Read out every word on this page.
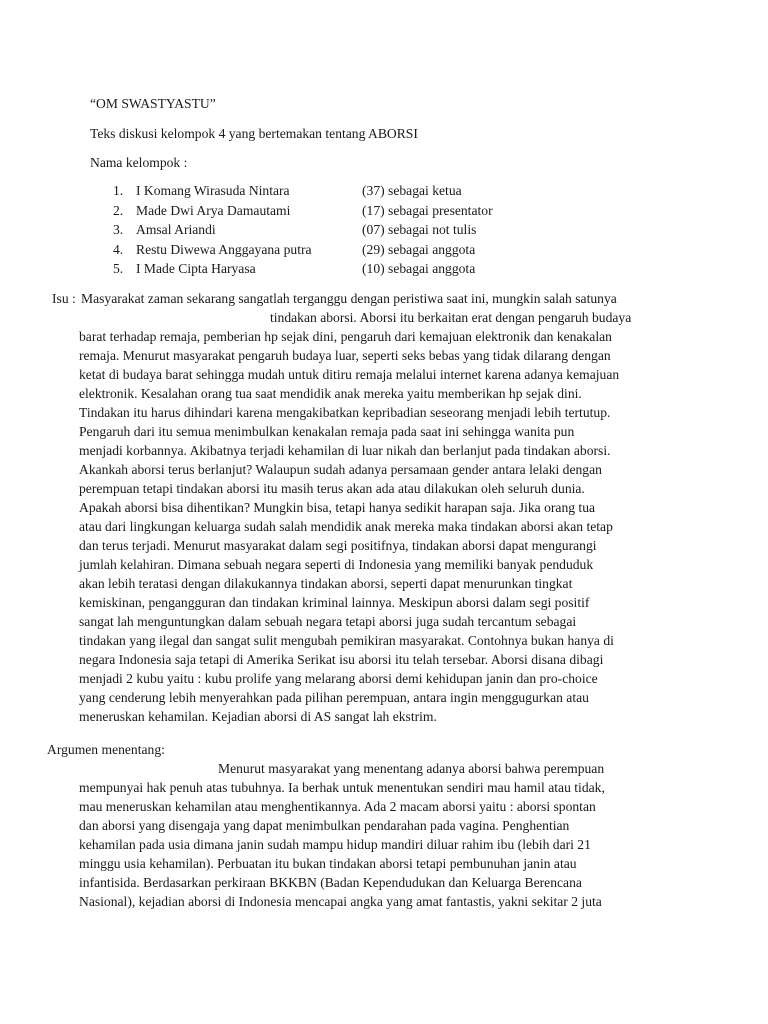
“OM SWASTYASTU”
Teks diskusi kelompok 4 yang bertemakan tentang ABORSI
Nama kelompok :
1. I Komang Wirasuda Nintara	(37) sebagai ketua
2. Made Dwi Arya Damautami	(17) sebagai presentator
3. Amsal Ariandi	(07) sebagai not tulis
4. Restu Diwewa Anggayana putra	(29) sebagai anggota
5. I Made Cipta Haryasa	(10) sebagai anggota
Isu : Masyarakat zaman sekarang sangatlah terganggu dengan peristiwa saat ini, mungkin salah satunya
tindakan aborsi. Aborsi itu berkaitan erat dengan pengaruh budaya
barat terhadap remaja, pemberian hp sejak dini, pengaruh dari kemajuan elektronik dan kenakalan
remaja. Menurut masyarakat pengaruh budaya luar, seperti seks bebas yang tidak dilarang dengan
ketat di budaya barat sehingga mudah untuk ditiru remaja melalui internet karena adanya kemajuan
elektronik. Kesalahan orang tua saat mendidik anak mereka yaitu memberikan hp sejak dini.
Tindakan itu harus dihindari karena mengakibatkan kepribadian seseorang menjadi lebih tertutup.
Pengaruh dari itu semua menimbulkan kenakalan remaja pada saat ini sehingga wanita pun
menjadi korbannya. Akibatnya terjadi kehamilan di luar nikah dan berlanjut pada tindakan aborsi.
Akankah aborsi terus berlanjut? Walaupun sudah adanya persamaan gender antara lelaki dengan
perempuan tetapi tindakan aborsi itu masih terus akan ada atau dilakukan oleh seluruh dunia.
Apakah aborsi bisa dihentikan? Mungkin bisa, tetapi hanya sedikit harapan saja. Jika orang tua
atau dari lingkungan keluarga sudah salah mendidik anak mereka maka tindakan aborsi akan tetap
dan terus terjadi. Menurut masyarakat dalam segi positifnya, tindakan aborsi dapat mengurangi
jumlah kelahiran. Dimana sebuah negara seperti di Indonesia yang memiliki banyak penduduk
akan lebih teratasi dengan dilakukannya tindakan aborsi, seperti dapat menurunkan tingkat
kemiskinan, pengangguran dan tindakan kriminal lainnya. Meskipun aborsi dalam segi positif
sangat lah menguntungkan dalam sebuah negara tetapi aborsi juga sudah tercantum sebagai
tindakan yang ilegal dan sangat sulit mengubah pemikiran masyarakat. Contohnya bukan hanya di
negara Indonesia saja tetapi di Amerika Serikat isu aborsi itu telah tersebar. Aborsi disana dibagi
menjadi 2 kubu yaitu : kubu prolife yang melarang aborsi demi kehidupan janin dan pro-choice
yang cenderung lebih menyerahkan pada pilihan perempuan, antara ingin menggugurkan atau
meneruskan kehamilan. Kejadian aborsi di AS sangat lah ekstrim.
Argumen menentang:
Menurut masyarakat yang menentang adanya aborsi bahwa perempuan
mempunyai hak penuh atas tubuhnya. Ia berhak untuk menentukan sendiri mau hamil atau tidak,
mau meneruskan kehamilan atau menghentikannya. Ada 2 macam aborsi yaitu : aborsi spontan
dan aborsi yang disengaja yang dapat menimbulkan pendarahan pada vagina. Penghentian
kehamilan pada usia dimana janin sudah mampu hidup mandiri diluar rahim ibu (lebih dari 21
minggu usia kehamilan). Perbuatan itu bukan tindakan aborsi tetapi pembunuhan janin atau
infantisida. Berdasarkan perkiraan BKKBN (Badan Kependudukan dan Keluarga Berencana
Nasional), kejadian aborsi di Indonesia mencapai angka yang amat fantastis, yakni sekitar 2 juta
